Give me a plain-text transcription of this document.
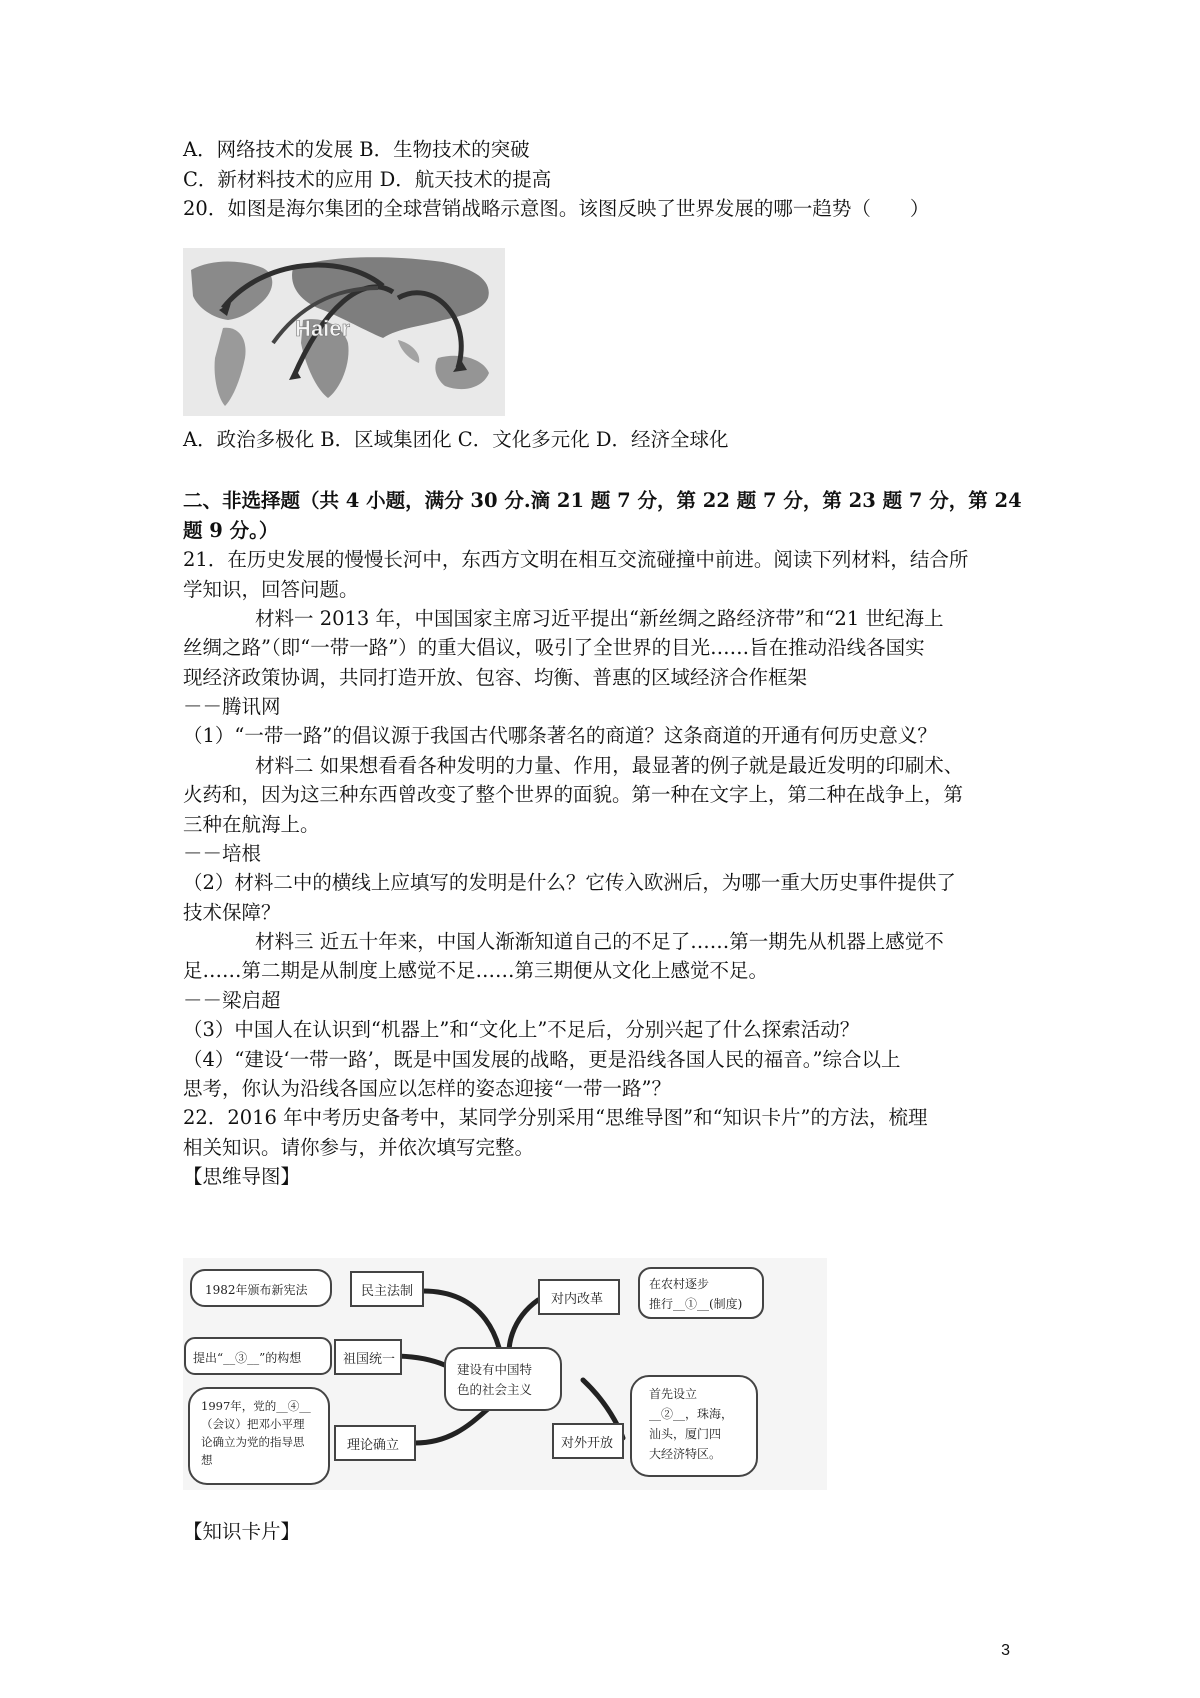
A．网络技术的发展 B．生物技术的突破
C．新材料技术的应用 D．航天技术的提高
20．如图是海尔集团的全球营销战略示意图。该图反映了世界发展的哪一趋势（　　）
Haier
A．政治多极化 B．区域集团化 C．文化多元化 D．经济全球化
二、非选择题（共 4 小题，满分 30 分.滴 21 题 7 分，第 22 题 7 分，第 23 题 7 分，第 24
题 9 分。）
21．在历史发展的慢慢长河中，东西方文明在相互交流碰撞中前进。阅读下列材料，结合所
学知识，回答问题。
材料一 2013 年，中国国家主席习近平提出“新丝绸之路经济带”和“21 世纪海上
丝绸之路”（即“一带一路”）的重大倡议，吸引了全世界的目光……旨在推动沿线各国实
现经济政策协调，共同打造开放、包容、均衡、普惠的区域经济合作框架
－－腾讯网
（1）“一带一路”的倡议源于我国古代哪条著名的商道？这条商道的开通有何历史意义？
材料二 如果想看看各种发明的力量、作用，最显著的例子就是最近发明的印刷术、
火药和，因为这三种东西曾改变了整个世界的面貌。第一种在文字上，第二种在战争上，第
三种在航海上。
－－培根
（2）材料二中的横线上应填写的发明是什么？它传入欧洲后，为哪一重大历史事件提供了
技术保障？
材料三 近五十年来，中国人渐渐知道自己的不足了……第一期先从机器上感觉不
足……第二期是从制度上感觉不足……第三期便从文化上感觉不足。
－－梁启超
（3）中国人在认识到“机器上”和“文化上”不足后，分别兴起了什么探索活动？
（4）“建设‘一带一路’，既是中国发展的战略，更是沿线各国人民的福音。”综合以上
思考，你认为沿线各国应以怎样的姿态迎接“一带一路”？
22．2016 年中考历史备考中，某同学分别采用“思维导图”和“知识卡片”的方法，梳理
相关知识。请你参与，并依次填写完整。
【思维导图】
1982年颁布新宪法	民主法制
提出“__③__”的构想	祖国统一
1997年，党的__④__
（会议）把邓小平理
论确立为党的指导思
想
理论确立
建设有中国特
色的社会主义
对内改革
在农村逐步
推行__①__(制度)
对外开放
首先设立
__②__，珠海，
汕头，厦门四
大经济特区。
【知识卡片】
3
